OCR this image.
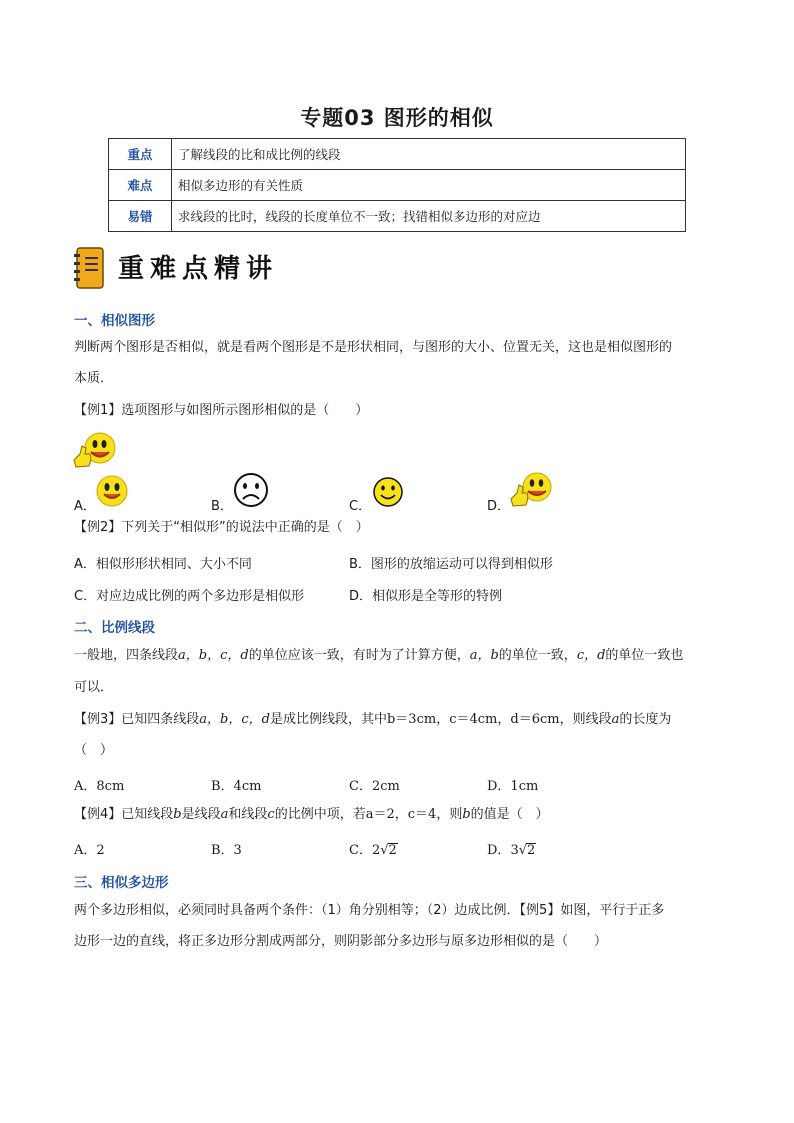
专题03 图形的相似
重点	了解线段的比和成比例的线段
难点	相似多边形的有关性质
易错	求线段的比时，线段的长度单位不一致；找错相似多边形的对应边
重难点精讲
一、相似图形
判断两个图形是否相似，就是看两个图形是不是形状相同，与图形的大小、位置无关，这也是相似图形的
本质．
【例1】选项图形与如图所示图形相似的是（　　）
A．	B．	C．	D．
【例2】下列关于“相似形”的说法中正确的是（　）
A．相似形形状相同、大小不同	B．图形的放缩运动可以得到相似形
C．对应边成比例的两个多边形是相似形	D．相似形是全等形的特例
二、比例线段
一般地，四条线段a，b，c，d的单位应该一致，有时为了计算方便，a，b的单位一致，c，d的单位一致也
可以．
【例3】已知四条线段a，b，c，d是成比例线段，其中b＝3cm，c＝4cm，d＝6cm，则线段a的长度为
（　）
A．8cm	B．4cm	C．2cm	D．1cm
【例4】已知线段b是线段a和线段c的比例中项，若a＝2，c＝4，则b的值是（　）
A．2	B．3	C．2√2	D．3√2
三、相似多边形
两个多边形相似，必须同时具备两个条件：（1）角分别相等；（2）边成比例．【例5】如图，平行于正多
边形一边的直线，将正多边形分割成两部分，则阴影部分多边形与原多边形相似的是（　　）
